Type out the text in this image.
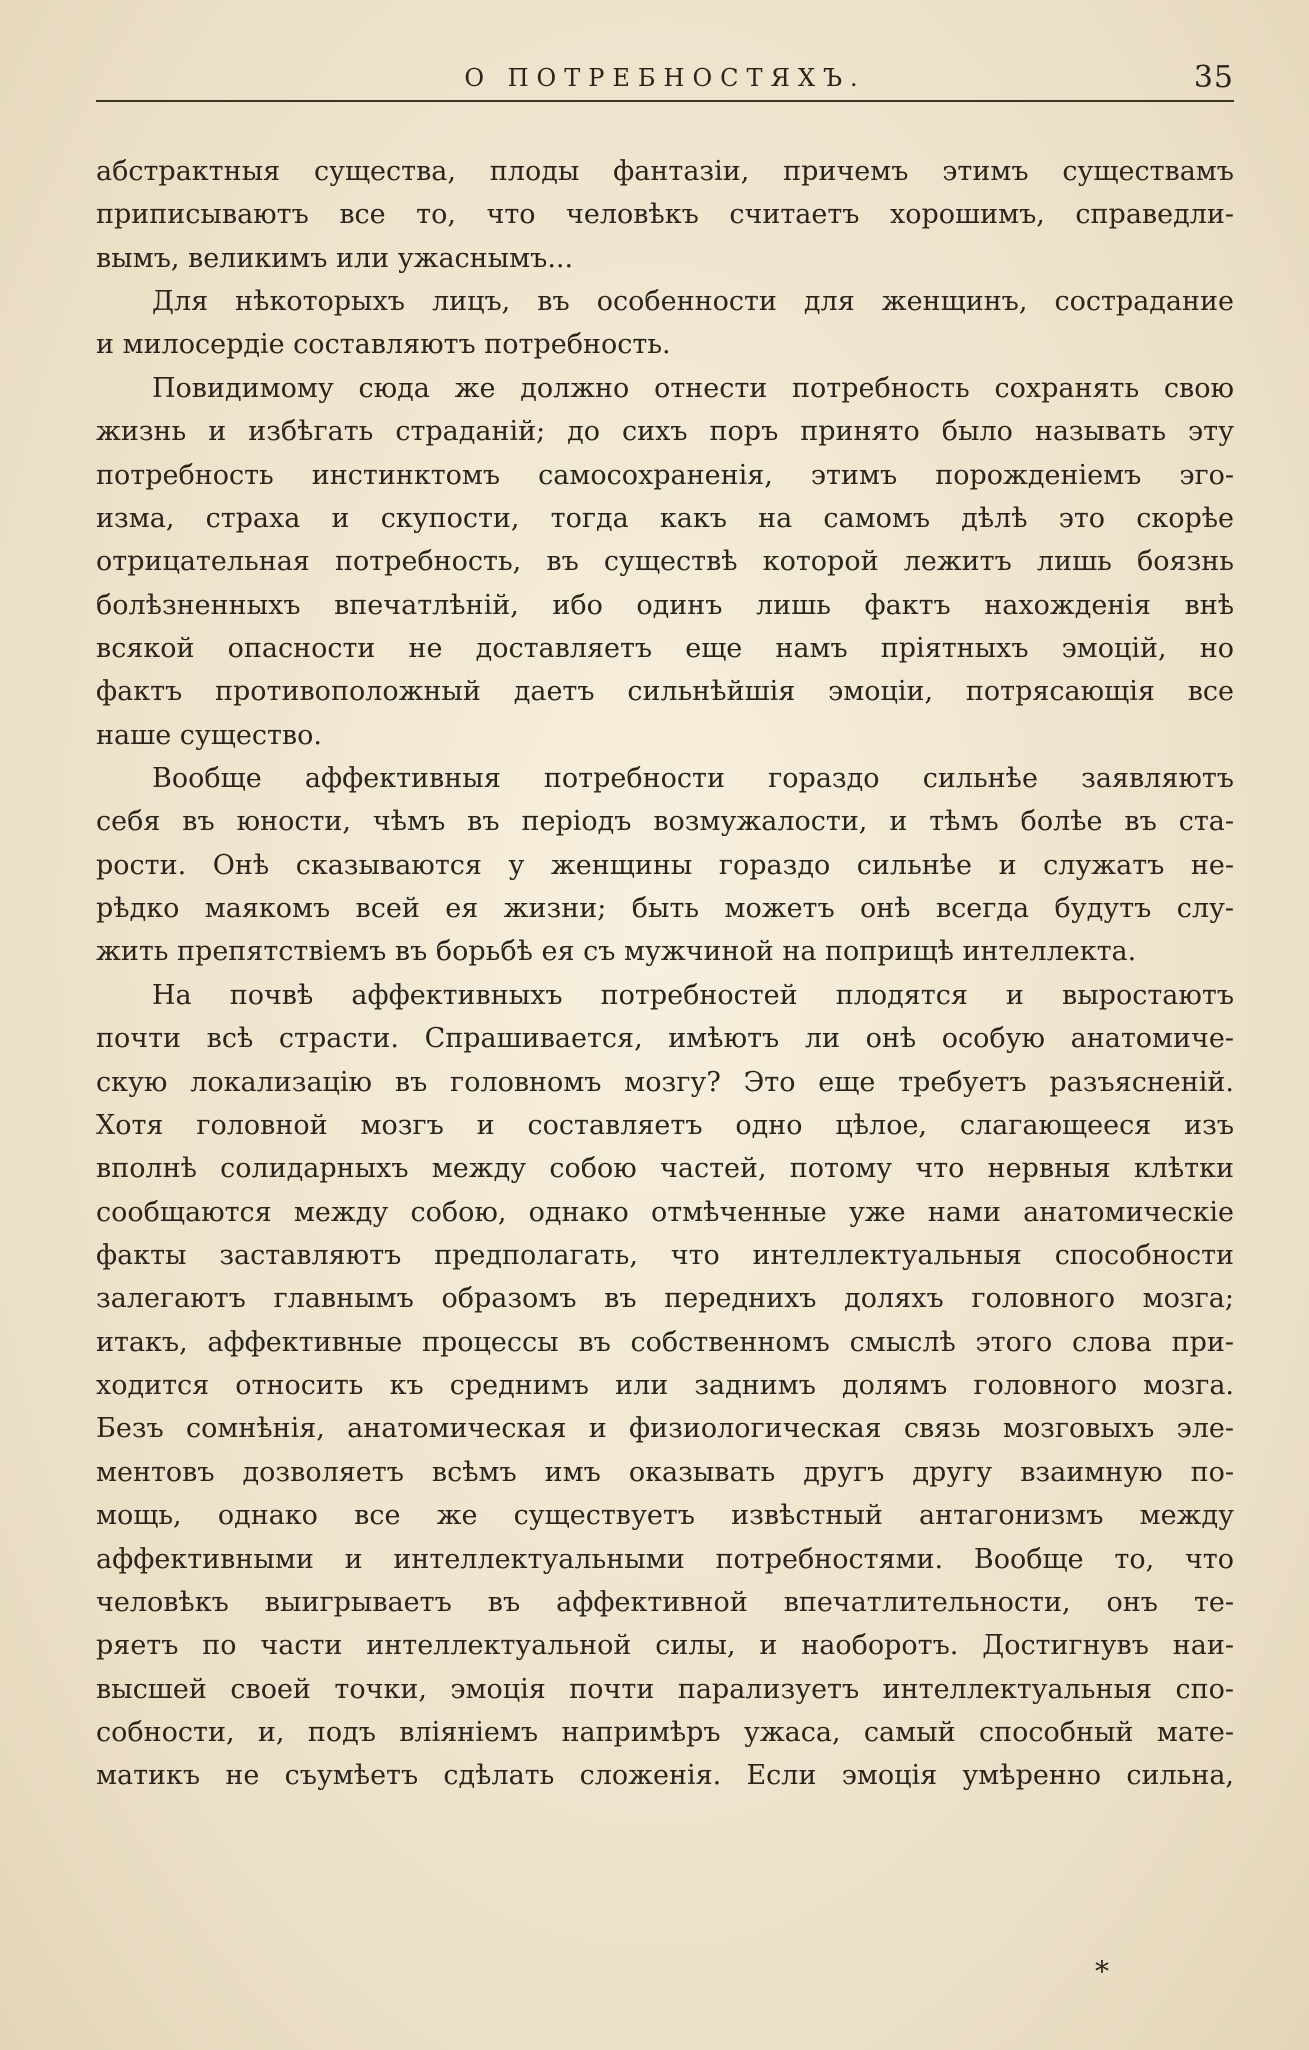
О ПОТРЕБНОСТЯХЪ.	35
абстрактныя существа, плоды фантазіи, причемъ этимъ существамъ
приписываютъ все то, что человѣкъ считаетъ хорошимъ, справедли-
вымъ, великимъ или ужаснымъ...
Для нѣкоторыхъ лицъ, въ особенности для женщинъ, сострадание
и милосердіе составляютъ потребность.
Повидимому сюда же должно отнести потребность сохранять свою
жизнь и избѣгать страданій; до сихъ поръ принято было называть эту
потребность инстинктомъ самосохраненія, этимъ порожденіемъ эго-
изма, страха и скупости, тогда какъ на самомъ дѣлѣ это скорѣе
отрицательная потребность, въ существѣ которой лежитъ лишь боязнь
болѣзненныхъ впечатлѣній, ибо одинъ лишь фактъ нахожденія внѣ
всякой опасности не доставляетъ еще намъ пріятныхъ эмоцій, но
фактъ противоположный даетъ сильнѣйшія эмоціи, потрясающія все
наше существо.
Вообще аффективныя потребности гораздо сильнѣе заявляютъ
себя въ юности, чѣмъ въ періодъ возмужалости, и тѣмъ болѣе въ ста-
рости. Онѣ сказываются у женщины гораздо сильнѣе и служатъ не-
рѣдко маякомъ всей ея жизни; быть можетъ онѣ всегда будутъ слу-
жить препятствіемъ въ борьбѣ ея съ мужчиной на поприщѣ интеллекта.
На почвѣ аффективныхъ потребностей плодятся и выростаютъ
почти всѣ страсти. Спрашивается, имѣютъ ли онѣ особую анатомиче-
скую локализацію въ головномъ мозгу? Это еще требуетъ разъясненій.
Хотя головной мозгъ и составляетъ одно цѣлое, слагающееся изъ
вполнѣ солидарныхъ между собою частей, потому что нервныя клѣтки
сообщаются между собою, однако отмѣченные уже нами анатомическіе
факты заставляютъ предполагать, что интеллектуальныя способности
залегаютъ главнымъ образомъ въ переднихъ доляхъ головного мозга;
итакъ, аффективные процессы въ собственномъ смыслѣ этого слова при-
ходится относить къ среднимъ или заднимъ долямъ головного мозга.
Безъ сомнѣнія, анатомическая и физиологическая связь мозговыхъ эле-
ментовъ дозволяетъ всѣмъ имъ оказывать другъ другу взаимную по-
мощь, однако все же существуетъ извѣстный антагонизмъ между
аффективными и интеллектуальными потребностями. Вообще то, что
человѣкъ выигрываетъ въ аффективной впечатлительности, онъ те-
ряетъ по части интеллектуальной силы, и наоборотъ. Достигнувъ наи-
высшей своей точки, эмоція почти парализуетъ интеллектуальныя спо-
собности, и, подъ вліяніемъ напримѣръ ужаса, самый способный мате-
матикъ не съумѣетъ сдѣлать сложенія. Если эмоція умѣренно сильна,
*
